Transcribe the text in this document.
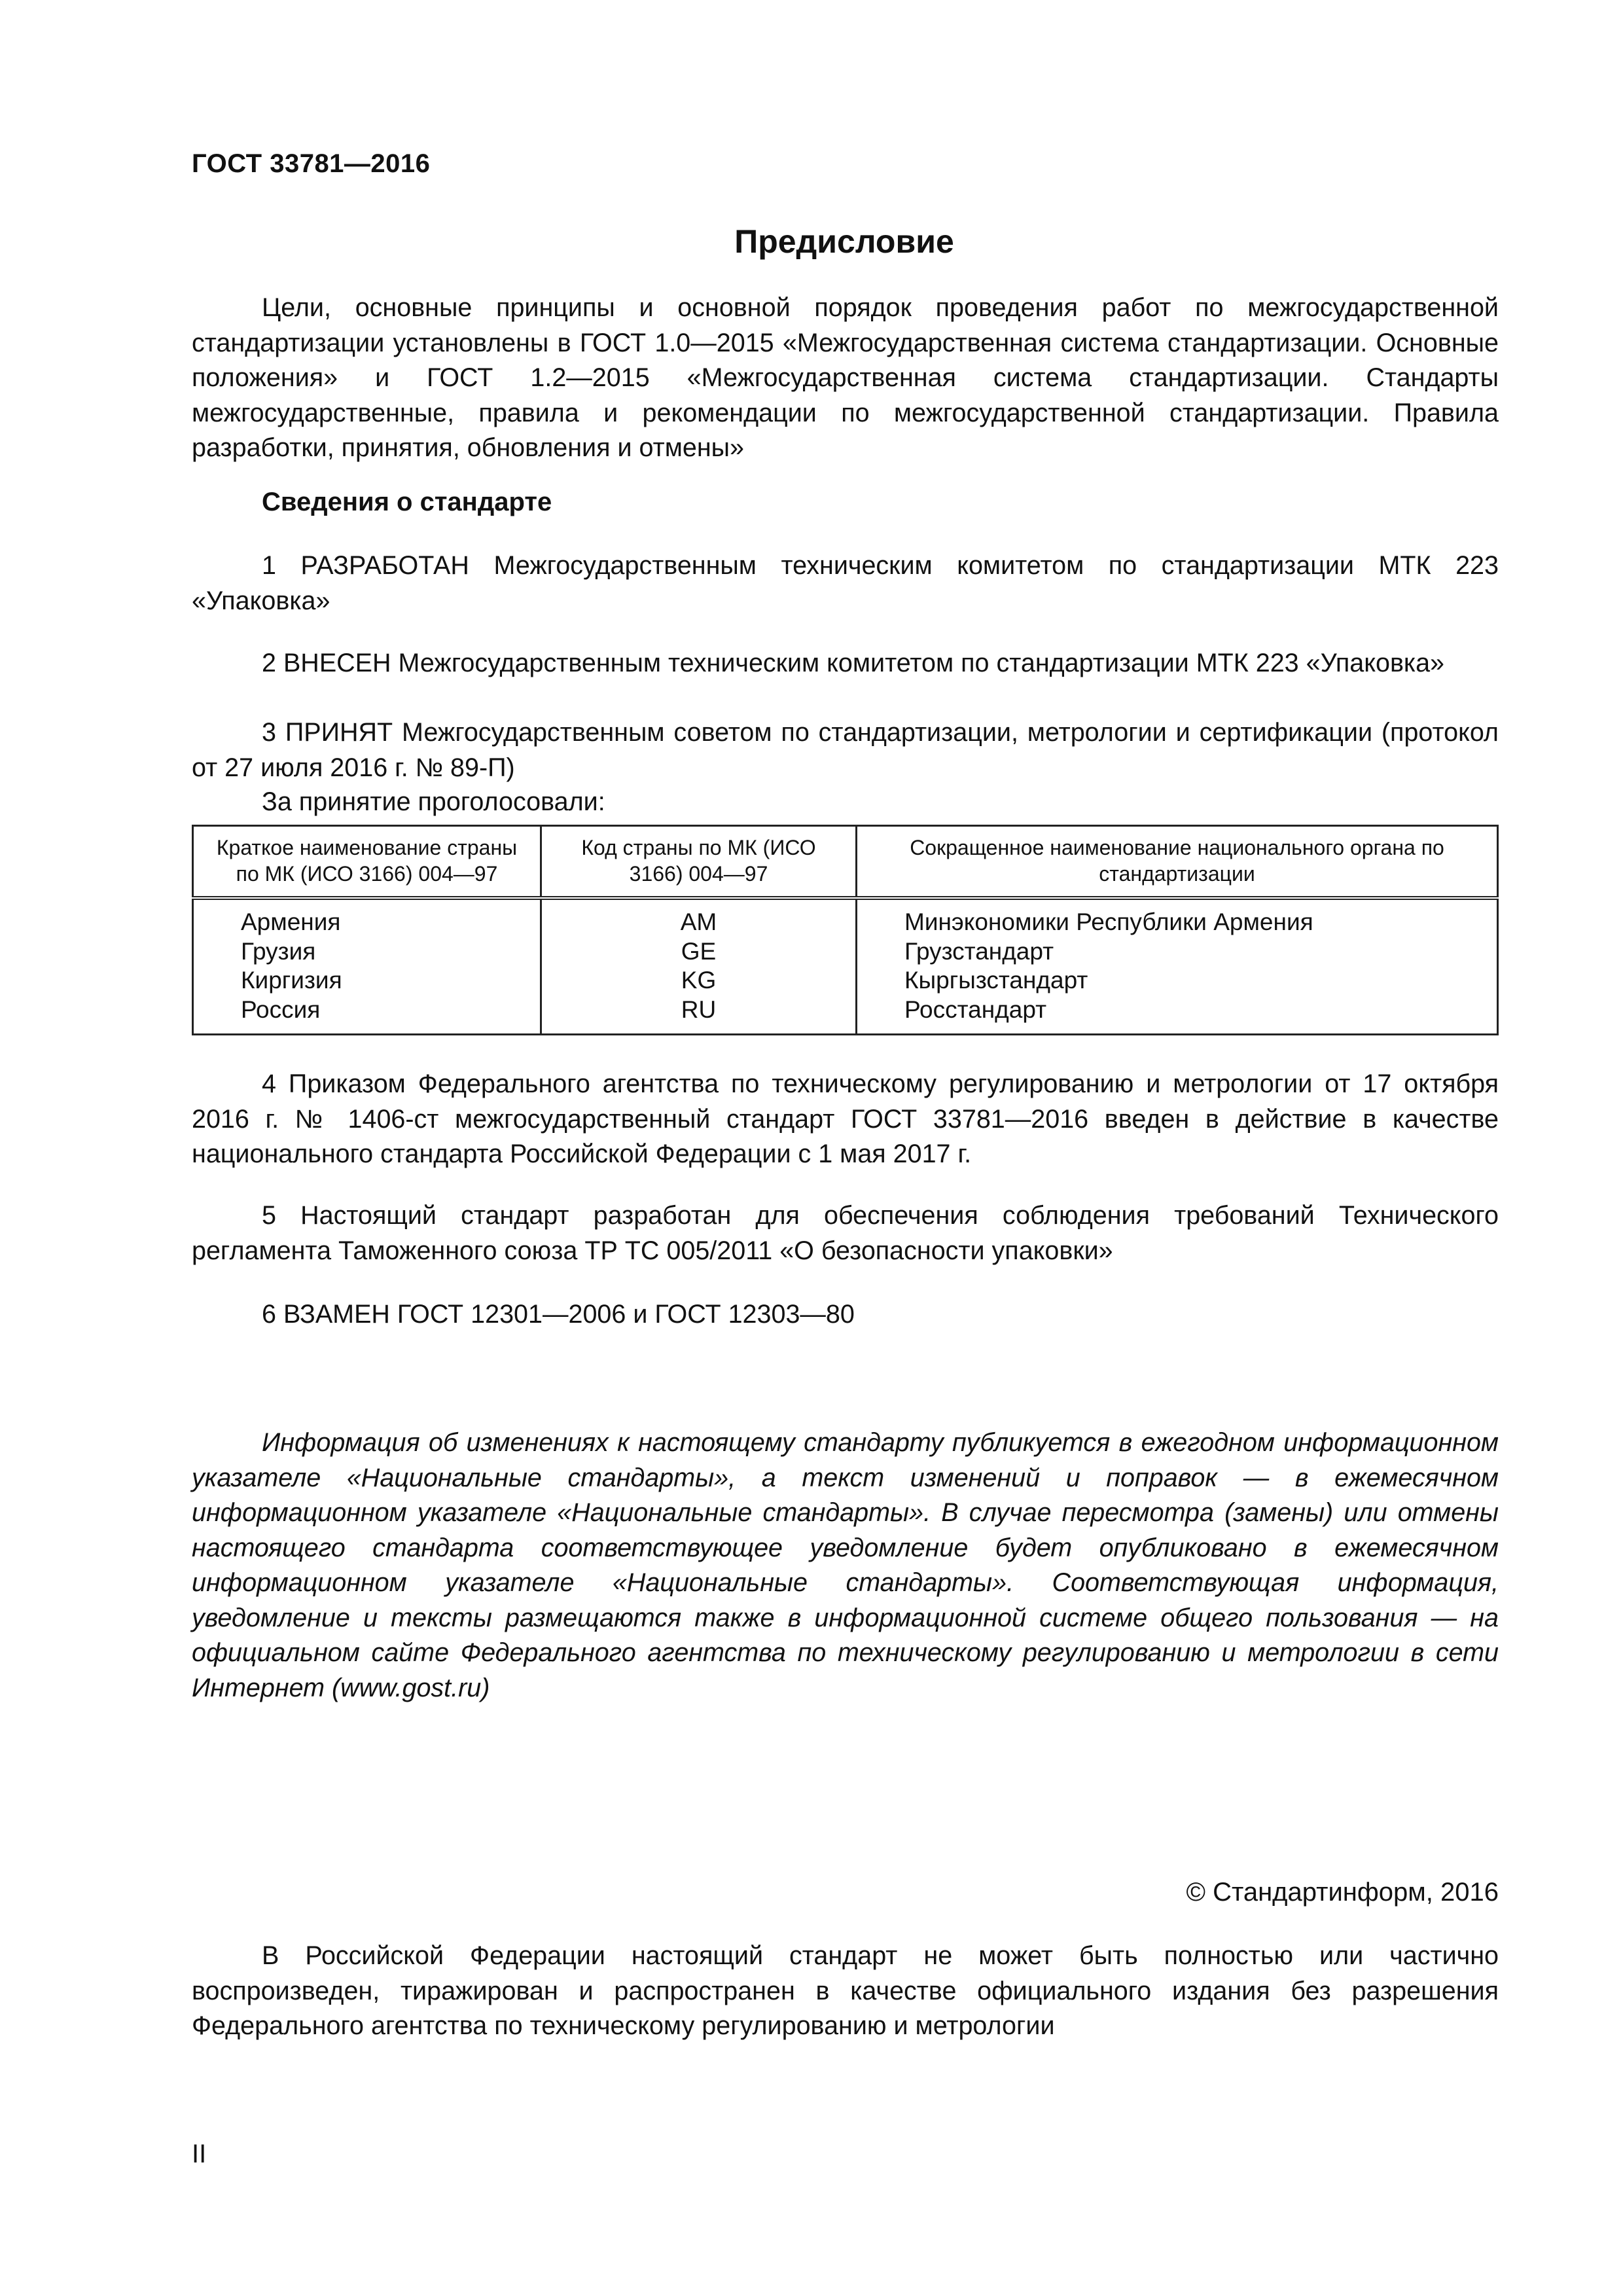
ГОСТ 33781—2016
Предисловие

Цели, основные принципы и основной порядок проведения работ по межгосударственной стандартизации установлены в ГОСТ 1.0—2015 «Межгосударственная система стандартизации. Основные положения» и ГОСТ 1.2—2015 «Межгосударственная система стандартизации. Стандарты межгосударственные, правила и рекомендации по межгосударственной стандартизации. Правила разработки, принятия, обновления и отмены»

Сведения о стандарте

1 РАЗРАБОТАН Межгосударственным техническим комитетом по стандартизации МТК 223 «Упаковка»

2 ВНЕСЕН Межгосударственным техническим комитетом по стандартизации МТК 223 «Упаковка»

3 ПРИНЯТ Межгосударственным советом по стандартизации, метрологии и сертификации (протокол от 27 июля 2016 г. № 89-П)

За принятие проголосовали:

Краткое наименование страны по МК (ИСО 3166) 004—97	Код страны по МК (ИСО 3166) 004—97	Сокращенное наименование национального органа по стандартизации
Армения	AM	Минэкономики Республики Армения
Грузия	GE	Грузстандарт
Киргизия	KG	Кыргызстандарт
Россия	RU	Росстандарт

4 Приказом Федерального агентства по техническому регулированию и метрологии от 17 октября 2016 г. № 1406-ст межгосударственный стандарт ГОСТ 33781—2016 введен в действие в качестве национального стандарта Российской Федерации с 1 мая 2017 г.

5 Настоящий стандарт разработан для обеспечения соблюдения требований Технического регламента Таможенного союза ТР ТС 005/2011 «О безопасности упаковки»

6 ВЗАМЕН ГОСТ 12301—2006 и ГОСТ 12303—80

Информация об изменениях к настоящему стандарту публикуется в ежегодном информационном указателе «Национальные стандарты», а текст изменений и поправок — в ежемесячном информационном указателе «Национальные стандарты». В случае пересмотра (замены) или отмены настоящего стандарта соответствующее уведомление будет опубликовано в ежемесячном информационном указателе «Национальные стандарты». Соответствующая информация, уведомление и тексты размещаются также в информационной системе общего пользования — на официальном сайте Федерального агентства по техническому регулированию и метрологии в сети Интернет (www.gost.ru)

© Стандартинформ, 2016

В Российской Федерации настоящий стандарт не может быть полностью или частично воспроизведен, тиражирован и распространен в качестве официального издания без разрешения Федерального агентства по техническому регулированию и метрологии

II
